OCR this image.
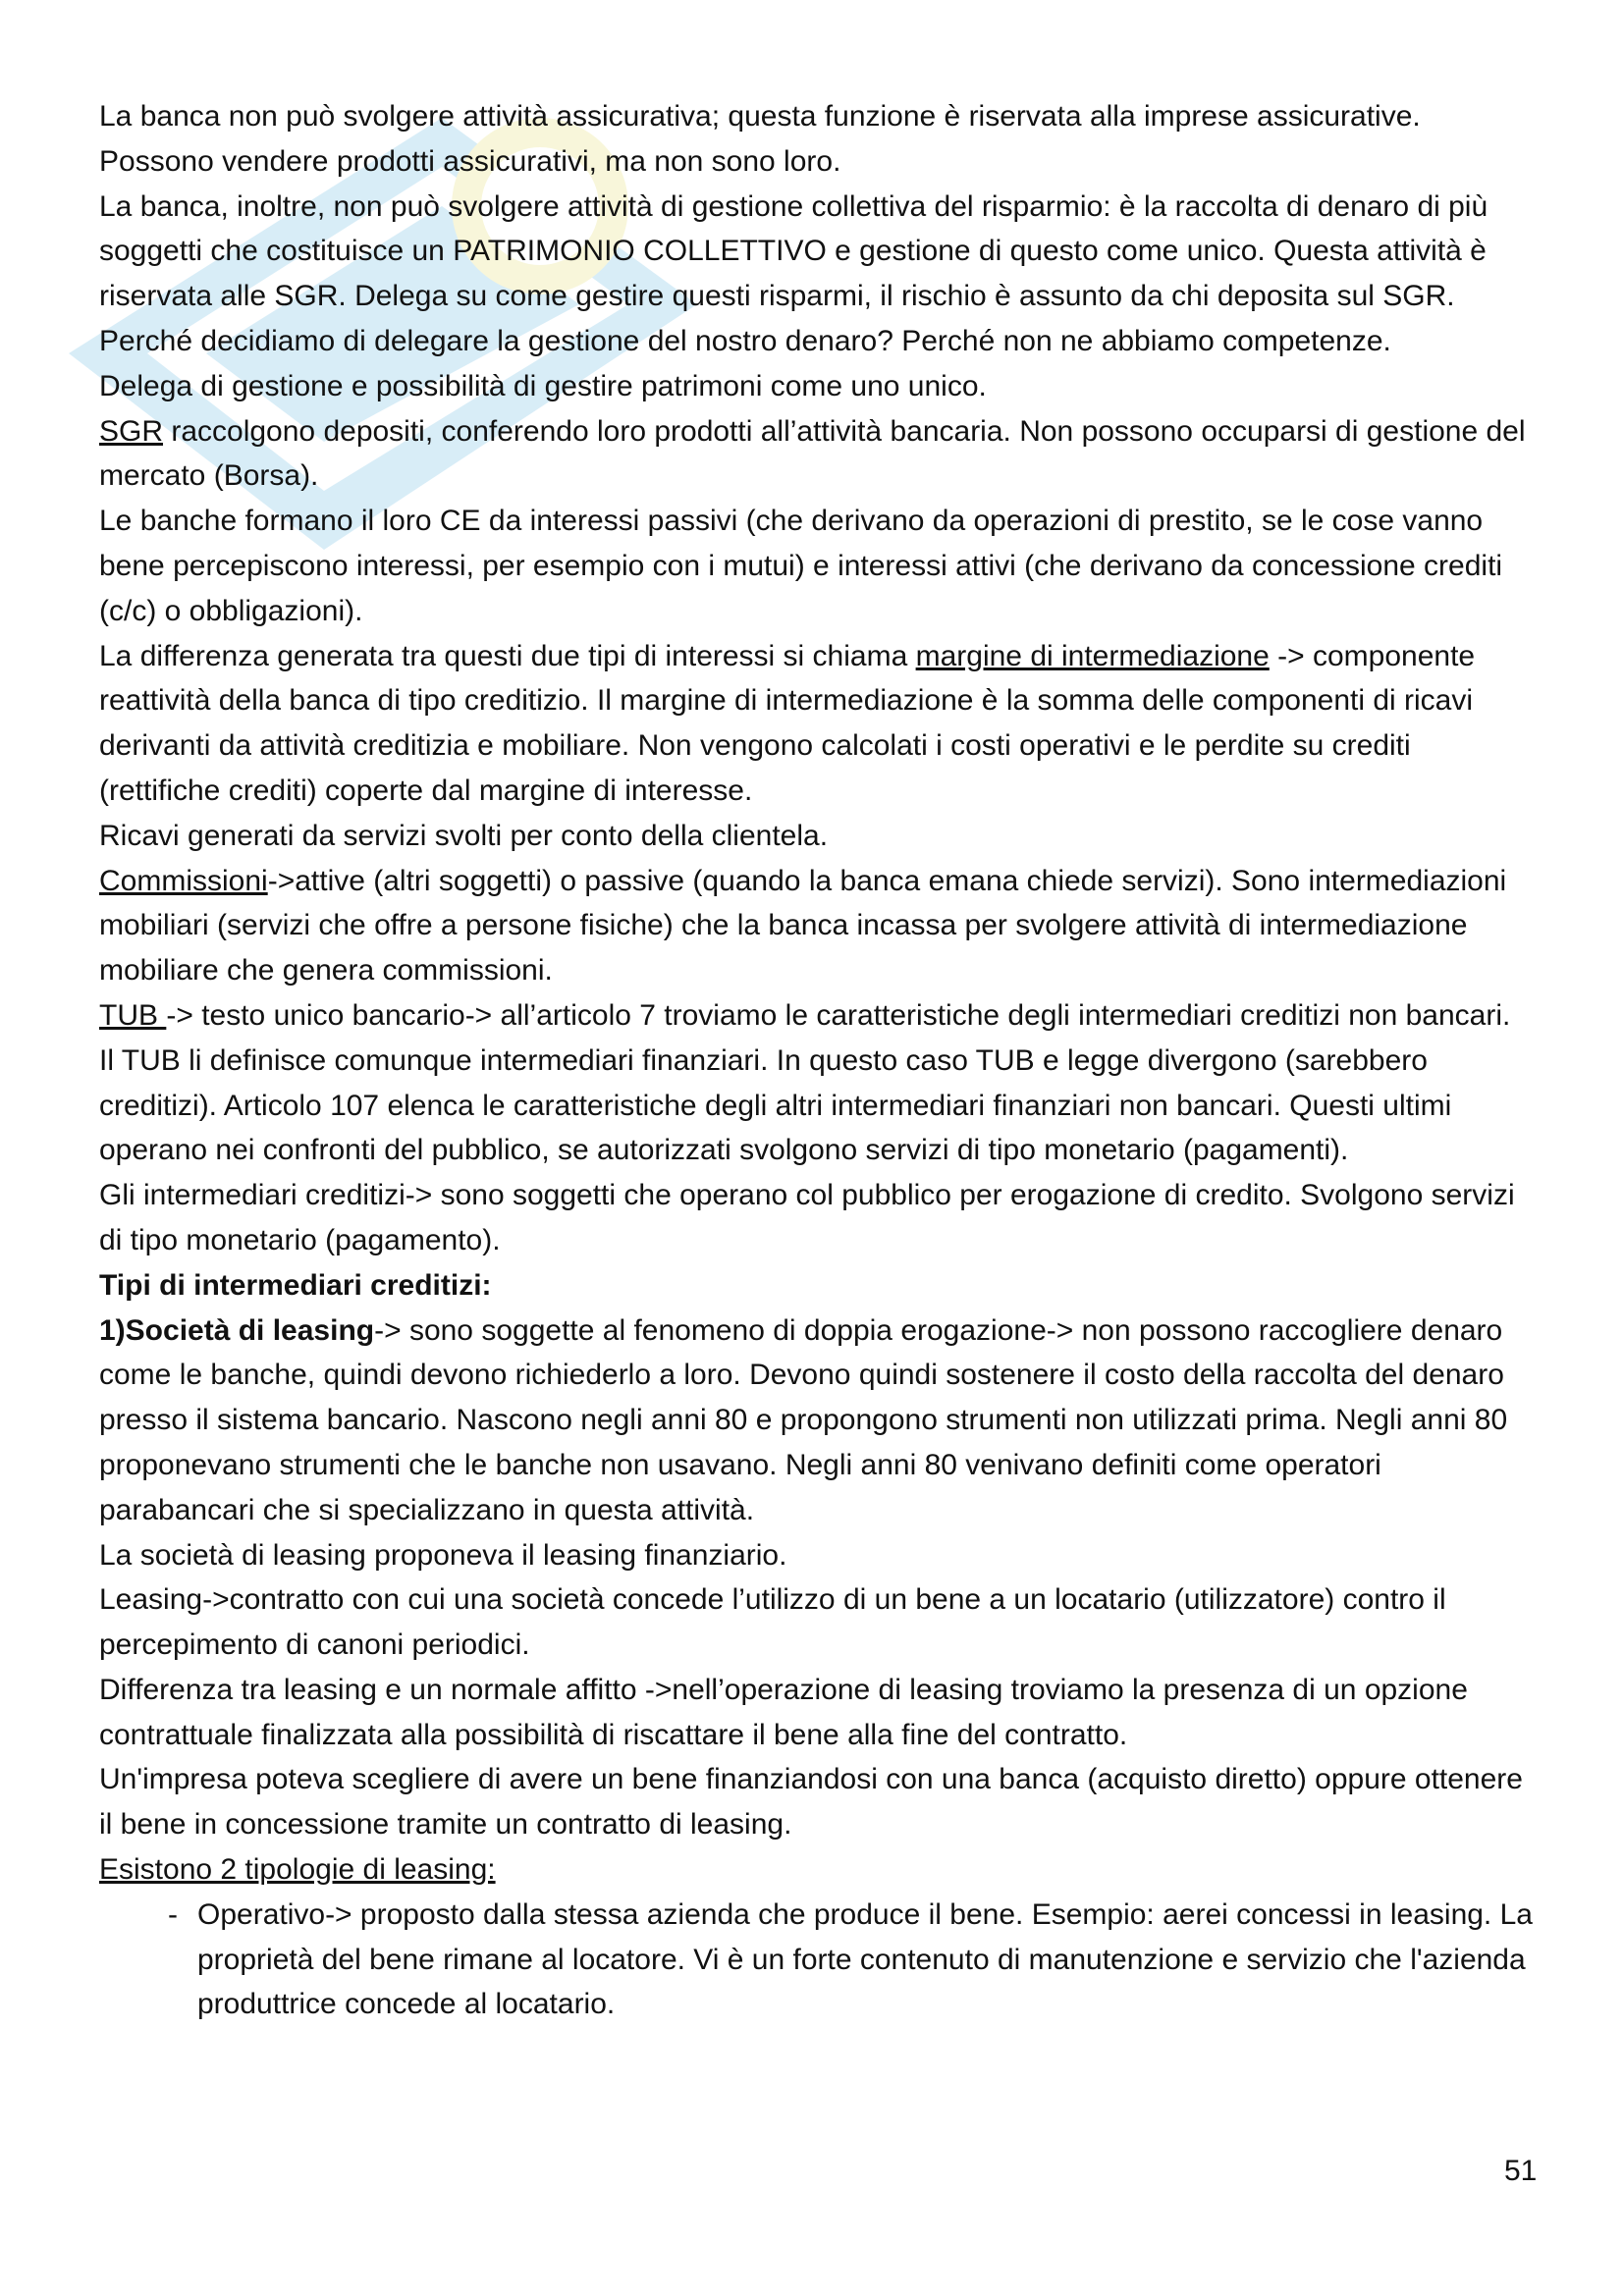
La banca non può svolgere attività assicurativa; questa funzione è riservata alla imprese assicurative.

Possono vendere prodotti assicurativi, ma non sono loro.

La banca, inoltre, non può svolgere attività di gestione collettiva del risparmio: è la raccolta di denaro di più soggetti che costituisce un PATRIMONIO COLLETTIVO e gestione di questo come unico. Questa attività è riservata alle SGR. Delega su come gestire questi risparmi, il rischio è assunto da chi deposita sul SGR.

Perché decidiamo di delegare la gestione del nostro denaro? Perché non ne abbiamo competenze.

Delega di gestione e possibilità di gestire patrimoni come uno unico.

SGR raccolgono depositi, conferendo loro prodotti all’attività bancaria. Non possono occuparsi di gestione del mercato (Borsa).

Le banche formano il loro CE da interessi passivi (che derivano da operazioni di prestito, se le cose vanno bene percepiscono interessi, per esempio con i mutui) e interessi attivi (che derivano da concessione crediti (c/c) o obbligazioni).

La differenza generata tra questi due tipi di interessi si chiama margine di intermediazione -> componente reattività della banca di tipo creditizio. Il margine di intermediazione è la somma delle componenti di ricavi derivanti da attività creditizia e mobiliare. Non vengono calcolati i costi operativi e le perdite su crediti (rettifiche crediti) coperte dal margine di interesse.

Ricavi generati da servizi svolti per conto della clientela.

Commissioni->attive (altri soggetti) o passive (quando la banca emana chiede servizi). Sono intermediazioni mobiliari (servizi che offre a persone fisiche) che la banca incassa per svolgere attività di intermediazione mobiliare che genera commissioni.

TUB -> testo unico bancario-> all’articolo 7 troviamo le caratteristiche degli intermediari creditizi non bancari. Il TUB li definisce comunque intermediari finanziari. In questo caso TUB e legge divergono (sarebbero creditizi). Articolo 107 elenca le caratteristiche degli altri intermediari finanziari non bancari. Questi ultimi operano nei confronti del pubblico, se autorizzati svolgono servizi di tipo monetario (pagamenti).

Gli intermediari creditizi-> sono soggetti che operano col pubblico per erogazione di credito. Svolgono servizi di tipo monetario (pagamento).

Tipi di intermediari creditizi:

1)Società di leasing-> sono soggette al fenomeno di doppia erogazione-> non possono raccogliere denaro come le banche, quindi devono richiederlo a loro. Devono quindi sostenere il costo della raccolta del denaro presso il sistema bancario. Nascono negli anni 80 e propongono strumenti non utilizzati prima. Negli anni 80 proponevano strumenti che le banche non usavano. Negli anni 80 venivano definiti come operatori parabancari che si specializzano in questa attività.

La società di leasing proponeva il leasing finanziario.

Leasing->contratto con cui una società concede l’utilizzo di un bene a un locatario (utilizzatore) contro il percepimento di canoni periodici.

Differenza tra leasing e un normale affitto ->nell’operazione di leasing troviamo la presenza di un opzione contrattuale finalizzata alla possibilità di riscattare il bene alla fine del contratto.

Un'impresa poteva scegliere di avere un bene finanziandosi con una banca (acquisto diretto) oppure ottenere il bene in concessione tramite un contratto di leasing.

Esistono 2 tipologie di leasing:

- Operativo-> proposto dalla stessa azienda che produce il bene. Esempio: aerei concessi in leasing. La proprietà del bene rimane al locatore. Vi è un forte contenuto di manutenzione e servizio che l'azienda produttrice concede al locatario.
51
